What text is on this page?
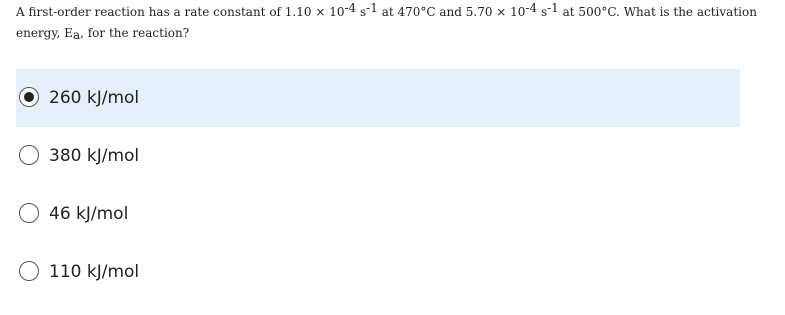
A first-order reaction has a rate constant of $1.10 \times 10^{-4}$ $s^{-1}$ at 470°C and $5.70 \times 10^{-4}$ $s^{-1}$ at 500°C. What is the activation energy, $E_a$, for the reaction?
260 kJ/mol
380 kJ/mol
46 kJ/mol
110 kJ/mol
